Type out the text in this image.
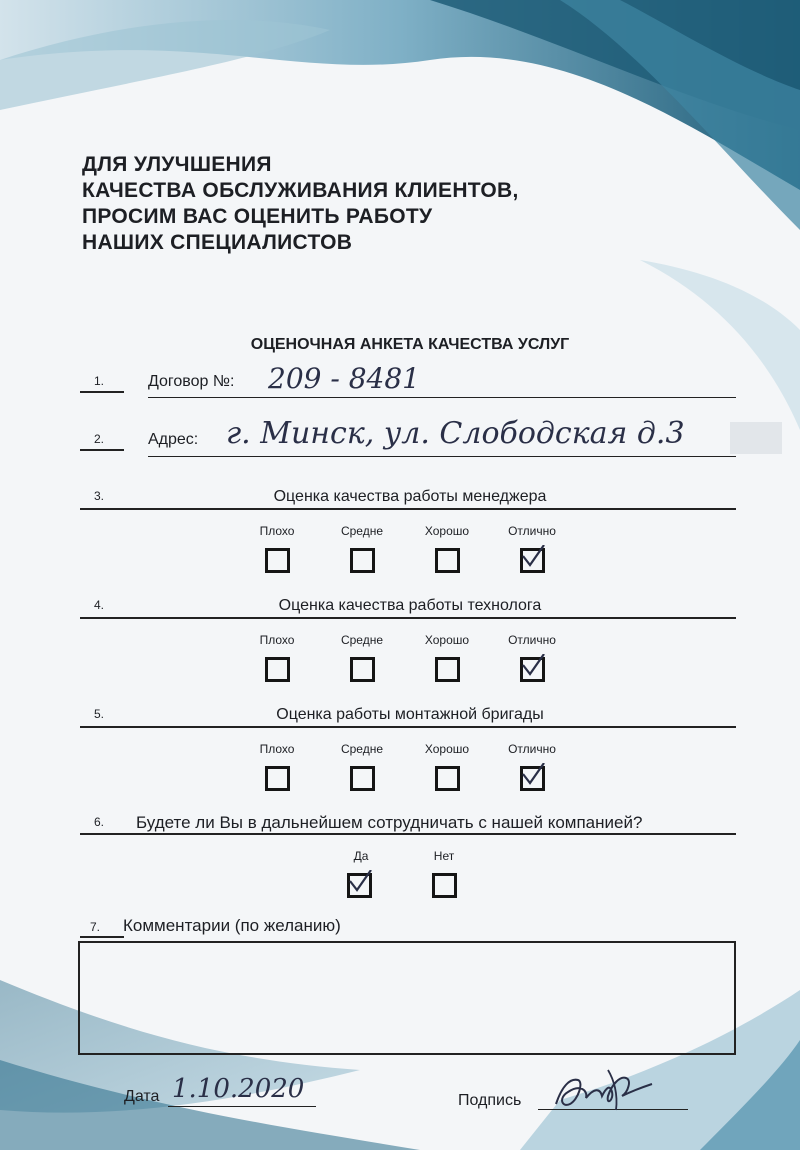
ДЛЯ УЛУЧШЕНИЯ
КАЧЕСТВА ОБСЛУЖИВАНИЯ КЛИЕНТОВ,
ПРОСИМ ВАС ОЦЕНИТЬ РАБОТУ
НАШИХ СПЕЦИАЛИСТОВ
ОЦЕНОЧНАЯ АНКЕТА КАЧЕСТВА УСЛУГ
1.	Договор №: 209 - 8481
2.	Адрес: г. Минск, ул. Слободская д.3
3.	Оценка качества работы менеджера
Плохо	Средне	Хорошо	Отлично
4.	Оценка качества работы технолога
Плохо	Средне	Хорошо	Отлично
5.	Оценка работы монтажной бригады
Плохо	Средне	Хорошо	Отлично
6. Будете ли Вы в дальнейшем сотрудничать с нашей компанией?
Да	Нет
7. Комментарии (по желанию)
Дата 1.10.2020	Подпись
